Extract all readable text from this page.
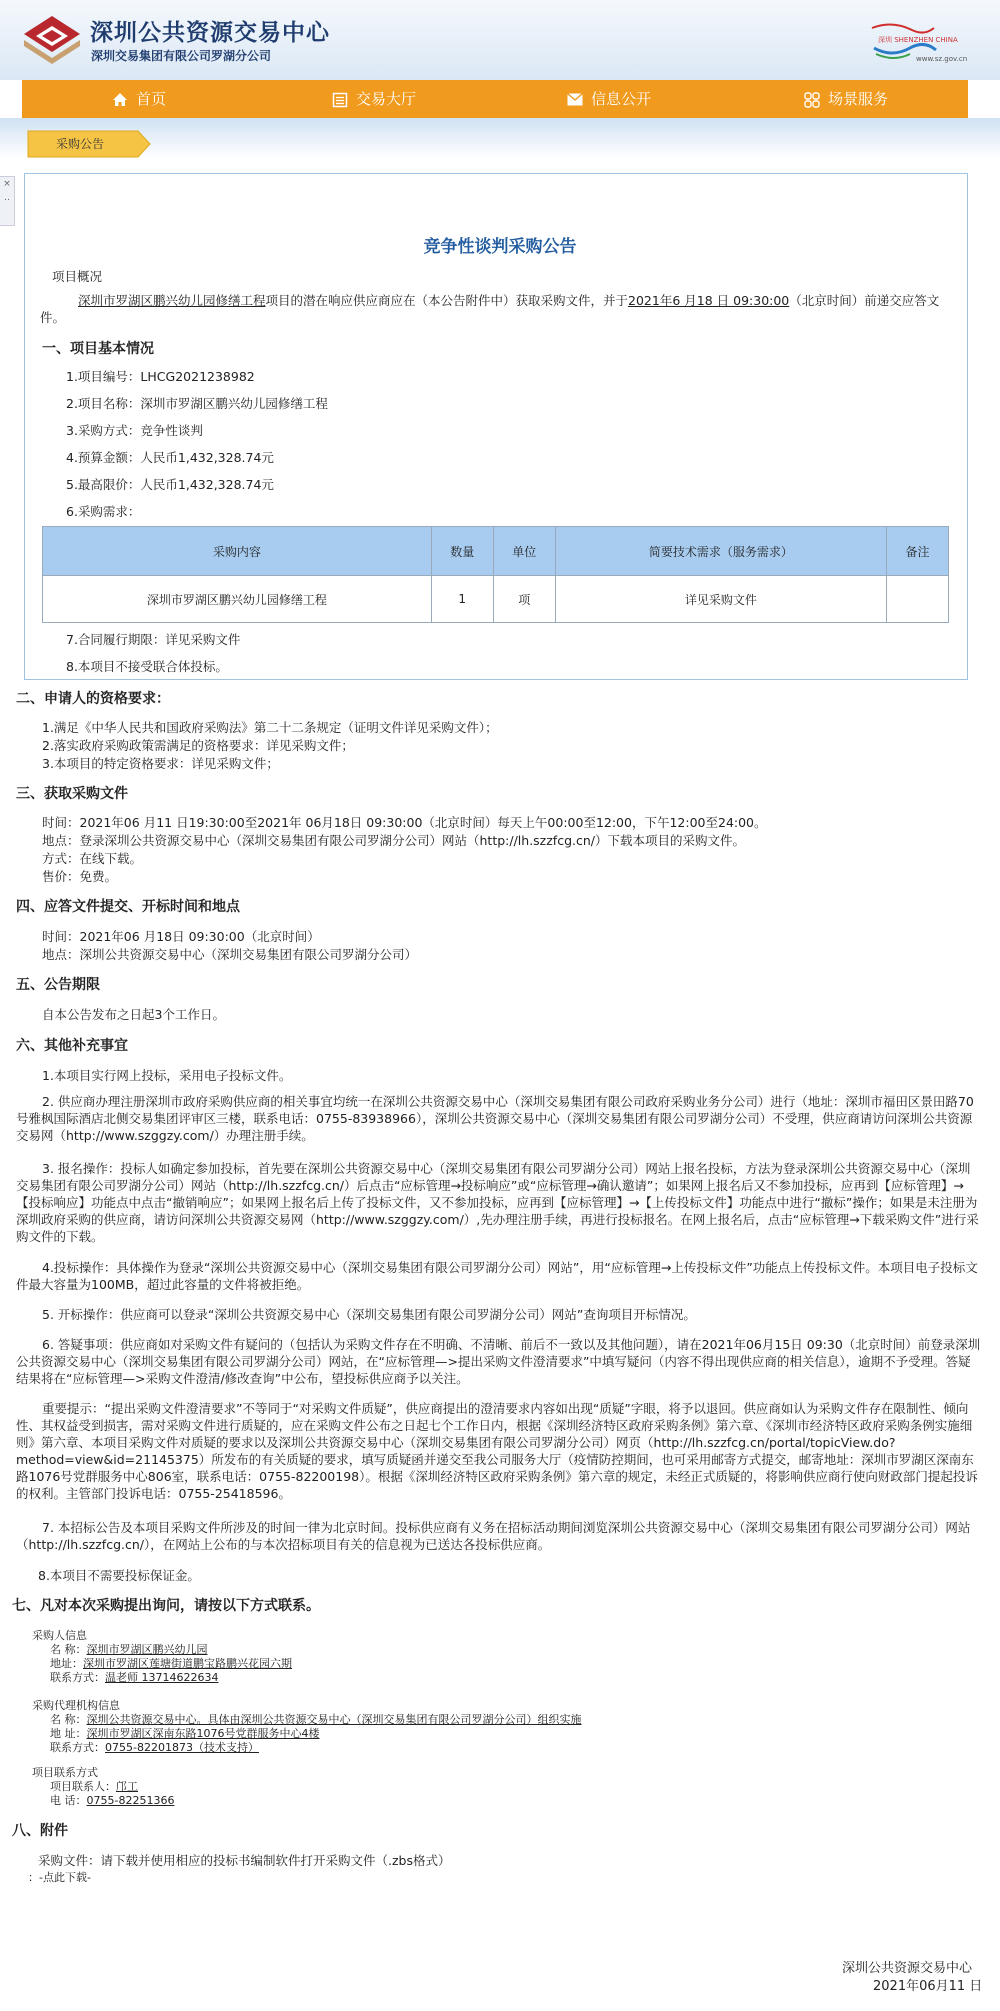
深圳公共资源交易中心
深圳交易集团有限公司罗湖分公司
深圳 SHENZHEN CHINA
www.sz.gov.cn
首页	交易大厅	信息公开	场景服务
采购公告
× ‥
竞争性谈判采购公告
项目概况
深圳市罗湖区鹏兴幼儿园修缮工程项目的潜在响应供应商应在（本公告附件中）获取采购文件，并于2021年6 月18 日 09:30:00（北京时间）前递交应答文件。
一、项目基本情况
1.项目编号：LHCG2021238982
2.项目名称：深圳市罗湖区鹏兴幼儿园修缮工程
3.采购方式：竞争性谈判
4.预算金额：人民币1,432,328.74元
5.最高限价：人民币1,432,328.74元
6.采购需求：
采购内容	数量	单位	简要技术需求（服务需求）	备注
深圳市罗湖区鹏兴幼儿园修缮工程	1	项	详见采购文件	
7.合同履行期限：详见采购文件
8.本项目不接受联合体投标。
二、申请人的资格要求：
1.满足《中华人民共和国政府采购法》第二十二条规定（证明文件详见采购文件）；
2.落实政府采购政策需满足的资格要求：详见采购文件；
3.本项目的特定资格要求：详见采购文件；
三、获取采购文件
时间：2021年06 月11 日19:30:00至2021年 06月18日 09:30:00（北京时间）每天上午00:00至12:00，下午12:00至24:00。
地点：登录深圳公共资源交易中心（深圳交易集团有限公司罗湖分公司）网站（http://lh.szzfcg.cn/）下载本项目的采购文件。
方式：在线下载。
售价：免费。
四、应答文件提交、开标时间和地点
时间：2021年06 月18日 09:30:00（北京时间）
地点：深圳公共资源交易中心（深圳交易集团有限公司罗湖分公司）
五、公告期限
自本公告发布之日起3个工作日。
六、其他补充事宜
1.本项目实行网上投标，采用电子投标文件。
2. 供应商办理注册深圳市政府采购供应商的相关事宜均统一在深圳公共资源交易中心（深圳交易集团有限公司政府采购业务分公司）进行（地址：深圳市福田区景田路70号雅枫国际酒店北侧交易集团评审区三楼，联系电话：0755-83938966），深圳公共资源交易中心（深圳交易集团有限公司罗湖分公司）不受理，供应商请访问深圳公共资源交易网（http://www.szggzy.com/）办理注册手续。
3. 报名操作：投标人如确定参加投标，首先要在深圳公共资源交易中心（深圳交易集团有限公司罗湖分公司）网站上报名投标，方法为登录深圳公共资源交易中心（深圳交易集团有限公司罗湖分公司）网站（http://lh.szzfcg.cn/）后点击“应标管理→投标响应”或“应标管理→确认邀请”；如果网上报名后又不参加投标，应再到【应标管理】→【投标响应】功能点中点击“撤销响应”；如果网上报名后上传了投标文件，又不参加投标，应再到【应标管理】→【上传投标文件】功能点中进行“撤标”操作；如果是未注册为深圳政府采购的供应商，请访问深圳公共资源交易网（http://www.szggzy.com/）,先办理注册手续，再进行投标报名。在网上报名后，点击“应标管理→下载采购文件”进行采购文件的下载。
4.投标操作：具体操作为登录“深圳公共资源交易中心（深圳交易集团有限公司罗湖分公司）网站”，用“应标管理→上传投标文件”功能点上传投标文件。本项目电子投标文件最大容量为100MB，超过此容量的文件将被拒绝。
5. 开标操作：供应商可以登录“深圳公共资源交易中心（深圳交易集团有限公司罗湖分公司）网站”查询项目开标情况。
6. 答疑事项：供应商如对采购文件有疑问的（包括认为采购文件存在不明确、不清晰、前后不一致以及其他问题），请在2021年06月15日 09:30（北京时间）前登录深圳公共资源交易中心（深圳交易集团有限公司罗湖分公司）网站，在“应标管理—>提出采购文件澄清要求”中填写疑问（内容不得出现供应商的相关信息），逾期不予受理。答疑结果将在“应标管理—>采购文件澄清/修改查询”中公布，望投标供应商予以关注。
重要提示：“提出采购文件澄清要求”不等同于“对采购文件质疑”，供应商提出的澄清要求内容如出现“质疑”字眼，将予以退回。供应商如认为采购文件存在限制性、倾向性、其权益受到损害，需对采购文件进行质疑的，应在采购文件公布之日起七个工作日内，根据《深圳经济特区政府采购条例》第六章、《深圳市经济特区政府采购条例实施细则》第六章、本项目采购文件对质疑的要求以及深圳公共资源交易中心（深圳交易集团有限公司罗湖分公司）网页（http://lh.szzfcg.cn/portal/topicView.do?method=view&id=21145375）所发布的有关质疑的要求，填写质疑函并递交至我公司服务大厅（疫情防控期间，也可采用邮寄方式提交，邮寄地址：深圳市罗湖区深南东路1076号党群服务中心806室，联系电话：0755-82200198）。根据《深圳经济特区政府采购条例》第六章的规定，未经正式质疑的，将影响供应商行使向财政部门提起投诉的权利。主管部门投诉电话：0755-25418596。
7. 本招标公告及本项目采购文件所涉及的时间一律为北京时间。投标供应商有义务在招标活动期间浏览深圳公共资源交易中心（深圳交易集团有限公司罗湖分公司）网站（http://lh.szzfcg.cn/），在网站上公布的与本次招标项目有关的信息视为已送达各投标供应商。
8.本项目不需要投标保证金。
七、凡对本次采购提出询问，请按以下方式联系。
采购人信息
名 称：深圳市罗湖区鹏兴幼儿园
地址：深圳市罗湖区莲塘街道鹏宝路鹏兴花园六期
联系方式：温老师 13714622634
采购代理机构信息
名 称：深圳公共资源交易中心。具体由深圳公共资源交易中心（深圳交易集团有限公司罗湖分公司）组织实施
地 址：深圳市罗湖区深南东路1076号党群服务中心4楼
联系方式：0755-82201873（技术支持）
项目联系方式
项目联系人：邝工
电 话：0755-82251366
八、附件
采购文件：请下载并使用相应的投标书编制软件打开采购文件（.zbs格式）
：-点此下载-
深圳公共资源交易中心
2021年06月11 日
